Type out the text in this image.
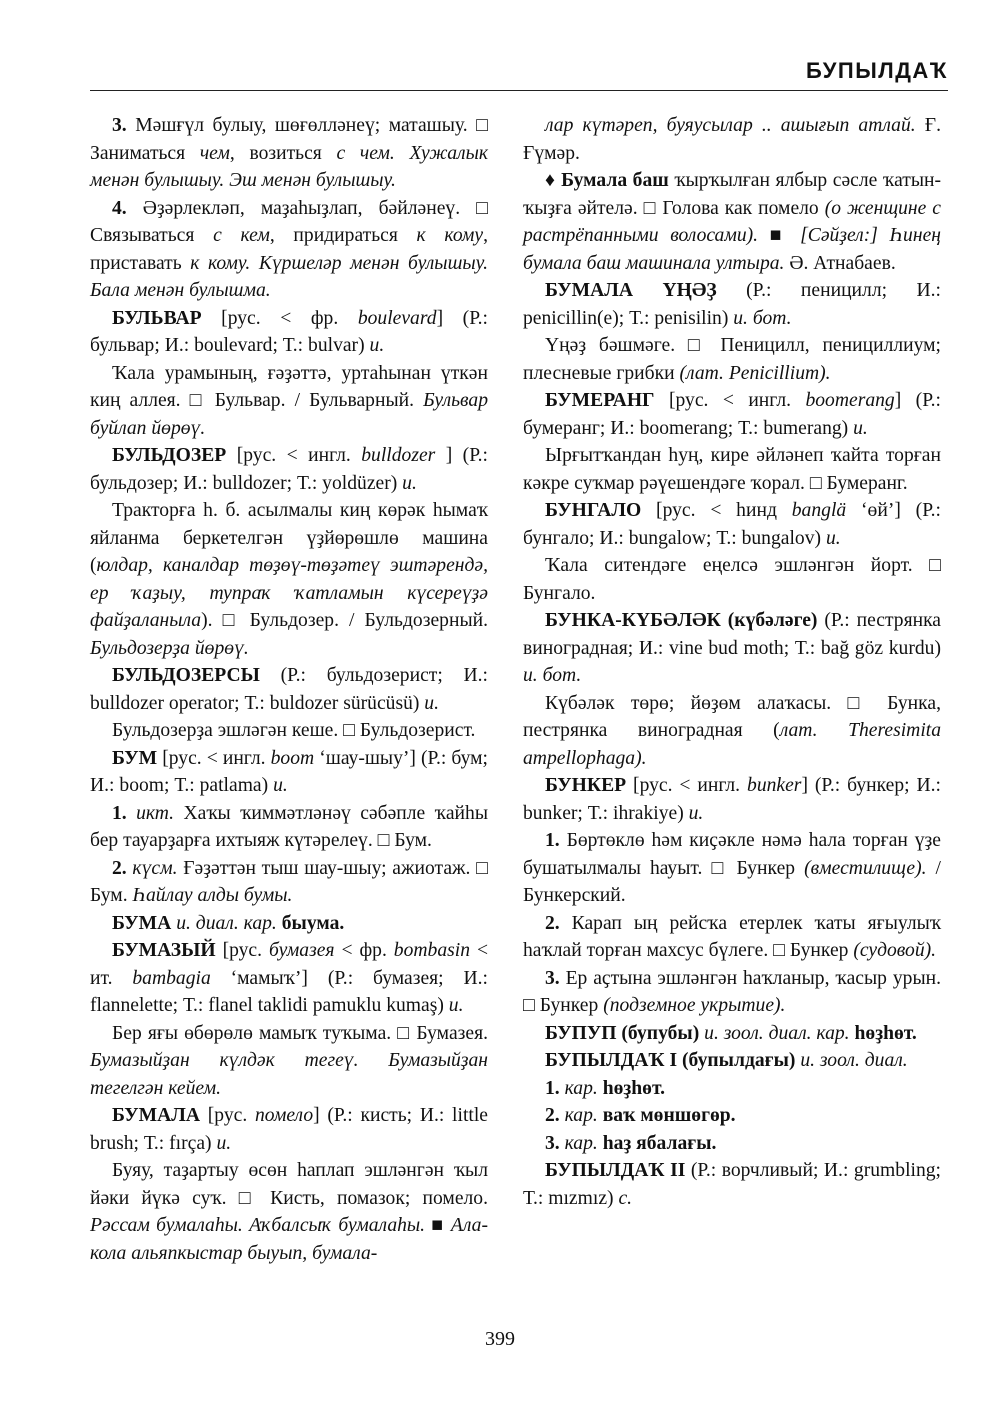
БУПЫЛДАҠ

3. Мәшғүл булыу, шөғөлләнеү; маташыу. □ Заниматься чем, возиться с чем. Хужалык менән булышыу. Эш менән булышыу.

4. Әҙәрлекләп, маҙаһыҙлап, бәйләнеү. □ Связываться с кем, придираться к кому, приставать к кому. Күршеләр менән булышыу. Бала менән булышма.

БУЛЬВАР [рус. < фр. boulevard] (Р.: бульвар; И.: boulevard; Т.: bulvar) и.

Ҡала урамының, ғәҙәттә, уртаһынан үткән киң аллея. □ Бульвар. / Бульварный. Бульвар буйлап йөрөү.

БУЛЬДОЗЕР [рус. < ингл. bulldozer ] (Р.: бульдозер; И.: bulldozer; Т.: yoldüzer) и.

Тракторға һ. б. асылмалы киң көрәк һымаҡ яйланма беркетелгән үҙйөрөшлө машина (юлдар, каналдар төҙөү-төҙәтеү эштәрендә, ер ҡаҙыу, тупраҡ ҡатламын күсереүҙә файҙаланыла). □ Бульдозер. / Бульдозерный. Бульдозерҙа йөрөү.

БУЛЬДОЗЕРСЫ (Р.: бульдозерист; И.: bulldozer operator; Т.: buldozer sürücüsü) и.

Бульдозерҙа эшләгән кеше. □ Бульдозерист.

БУМ [рус. < ингл. boom ‘шау-шыу’] (Р.: бум; И.: boom; Т.: patlama) и.

1. икт. Хаҡы ҡиммәтләнәү сәбәпле ҡайһы бер тауарҙарға ихтыяж күтәрелеү. □ Бум.

2. күсм. Ғәҙәттән тыш шау-шыу; ажиотаж. □ Бум. Һайлау алды бумы.

БУМА и. диал. кар. быума.

БУМАЗЫЙ [рус. бумазея < фр. bombasin < ит. bambagia ‘мамыҡ’] (Р.: бумазея; И.: flannelette; Т.: flanel taklidi pamuklu kumaş) и.

Бер яғы өбөрөлө мамыҡ туҡыма. □ Бумазея. Бумазыйҙан күлдәк тегеү. Бумазыйҙан тегелгән кейем.

БУМАЛА [рус. помело] (Р.: кисть; И.: little brush; Т.: fırça) и.

Буяу, таҙартыу өсөн һаплап эшләнгән ҡыл йәки йүкә суҡ. □ Кисть, помазок; помело. Рәссам бумалаһы. Аҡбалсыҡ бумалаһы. ■ Ала-кола альяпкыстар быуып, бумала-

лар күтәреп, буяусылар .. ашығып атлай. Ғ. Ғүмәр.

♦ Бумала баш ҡырҡылған ялбыр сәсле ҡатын-ҡыҙға әйтелә. □ Голова как помело (о женщине с растрёпанными волосами). ■ [Сәйҙел:] Һинең бумала баш машинала ултыра. Ә. Атнабаев.

БУМАЛА ҮҢӘҘ (Р.: пеницилл; И.: penicillin(e); Т.: penisilin) и. бот.

Үңәҙ бәшмәге. □ Пеницилл, пенициллиум; плесневые грибки (лат. Penicillium).

БУМЕРАНГ [рус. < ингл. boomerang] (Р.: бумеранг; И.: boomerang; Т.: bumerang) и.

Ырғытҡандан һуң, кире әйләнеп ҡайта торған кәкре суҡмар рәүешендәге ҡорал. □ Бумеранг.

БУНГАЛО [рус. < һинд banglä ‘өй’] (Р.: бунгало; И.: bungalow; Т.: bungalov) и.

Ҡала ситендәге еңелсә эшләнгән йорт. □ Бунгало.

БУНКА-КҮБӘЛӘК (күбәләге) (Р.: пестрянка виноградная; И.: vine bud moth; Т.: bağ göz kurdu) и. бот.

Күбәләк төрө; йөҙөм алаҡасы. □ Бунка, пестрянка виноградная (лат. Theresimita ampellophaga).

БУНКЕР [рус. < ингл. bunker] (Р.: бункер; И.: bunker; Т.: ihrakiye) и.

1. Бөртөклө һәм киҫәкле нәмә һала торған үҙе бушатылмалы һауыт. □ Бункер (вместилище). / Бункерский.

2. Карап ың рейсҡа етерлек ҡаты яғыулыҡ һаҡлай торған махсус бүлеге. □ Бункер (судовой).

3. Ер аҫтына эшләнгән һаҡланыр, ҡасыр урын. □ Бункер (подземное укрытие).

БУПУП (бупубы) и. зоол. диал. кар. һөҙһөт.

БУПЫЛДАҠ I (бупылдағы) и. зоол. диал.

1. кар. һөҙһөт.

2. кар. ваҡ мөншөгөр.

3. кар. һаҙ ябалағы.

БУПЫЛДАҠ II (Р.: ворчливый; И.: grumbling; Т.: mızmız) с.

399
